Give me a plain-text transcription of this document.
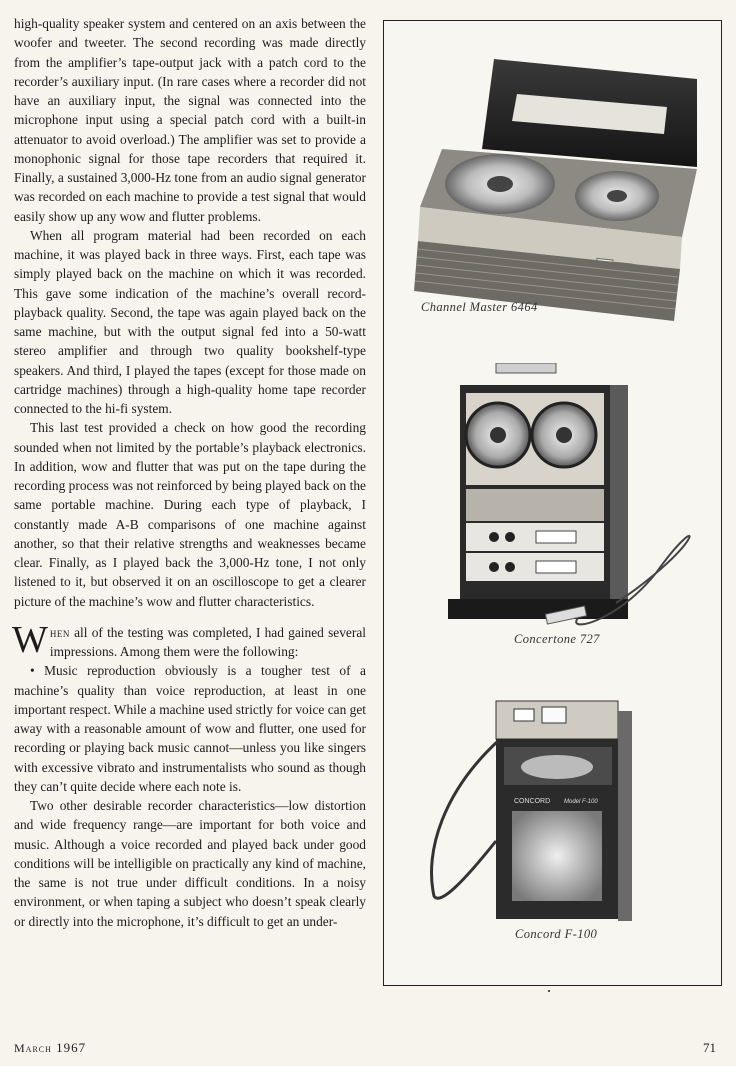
high-quality speaker system and centered on an axis between the woofer and tweeter. The second recording was made directly from the amplifier’s tape-output jack with a patch cord to the recorder’s auxiliary input. (In rare cases where a recorder did not have an auxiliary input, the signal was connected into the microphone input using a special patch cord with a built-in attenuator to avoid overload.) The amplifier was set to provide a monophonic signal for those tape recorders that required it. Finally, a sustained 3,000-Hz tone from an audio signal generator was recorded on each machine to provide a test signal that would easily show up any wow and flutter problems.

When all program material had been recorded on each machine, it was played back in three ways. First, each tape was simply played back on the machine on which it was recorded. This gave some indication of the machine’s overall record-playback quality. Second, the tape was again played back on the same machine, but with the output signal fed into a 50-watt stereo amplifier and through two quality bookshelf-type speakers. And third, I played the tapes (except for those made on cartridge machines) through a high-quality home tape recorder connected to the hi-fi system.

This last test provided a check on how good the recording sounded when not limited by the portable’s playback electronics. In addition, wow and flutter that was put on the tape during the recording process was not reinforced by being played back on the same portable machine. During each type of playback, I constantly made A-B comparisons of one machine against another, so that their relative strengths and weaknesses became clear. Finally, as I played back the 3,000-Hz tone, I not only listened to it, but observed it on an oscilloscope to get a clearer picture of the machine’s wow and flutter characteristics.

When all of the testing was completed, I had gained several impressions. Among them were the following:

• Music reproduction obviously is a tougher test of a machine’s quality than voice reproduction, at least in one important respect. While a machine used strictly for voice can get away with a reasonable amount of wow and flutter, one used for recording or playing back music cannot—unless you like singers with excessive vibrato and instrumentalists who sound as though they can’t quite decide where each note is.

Two other desirable recorder characteristics—low distortion and wide frequency range—are important for both voice and music. Although a voice recorded and played back under good conditions will be intelligible on practically any kind of machine, the same is not true under difficult conditions. In a noisy environment, or when taping a subject who doesn’t speak clearly or directly into the microphone, it’s difficult to get an under-

Channel Master 6464
Concertone 727
CONCORD Model F-100
Concord F-100
March 1967	71
